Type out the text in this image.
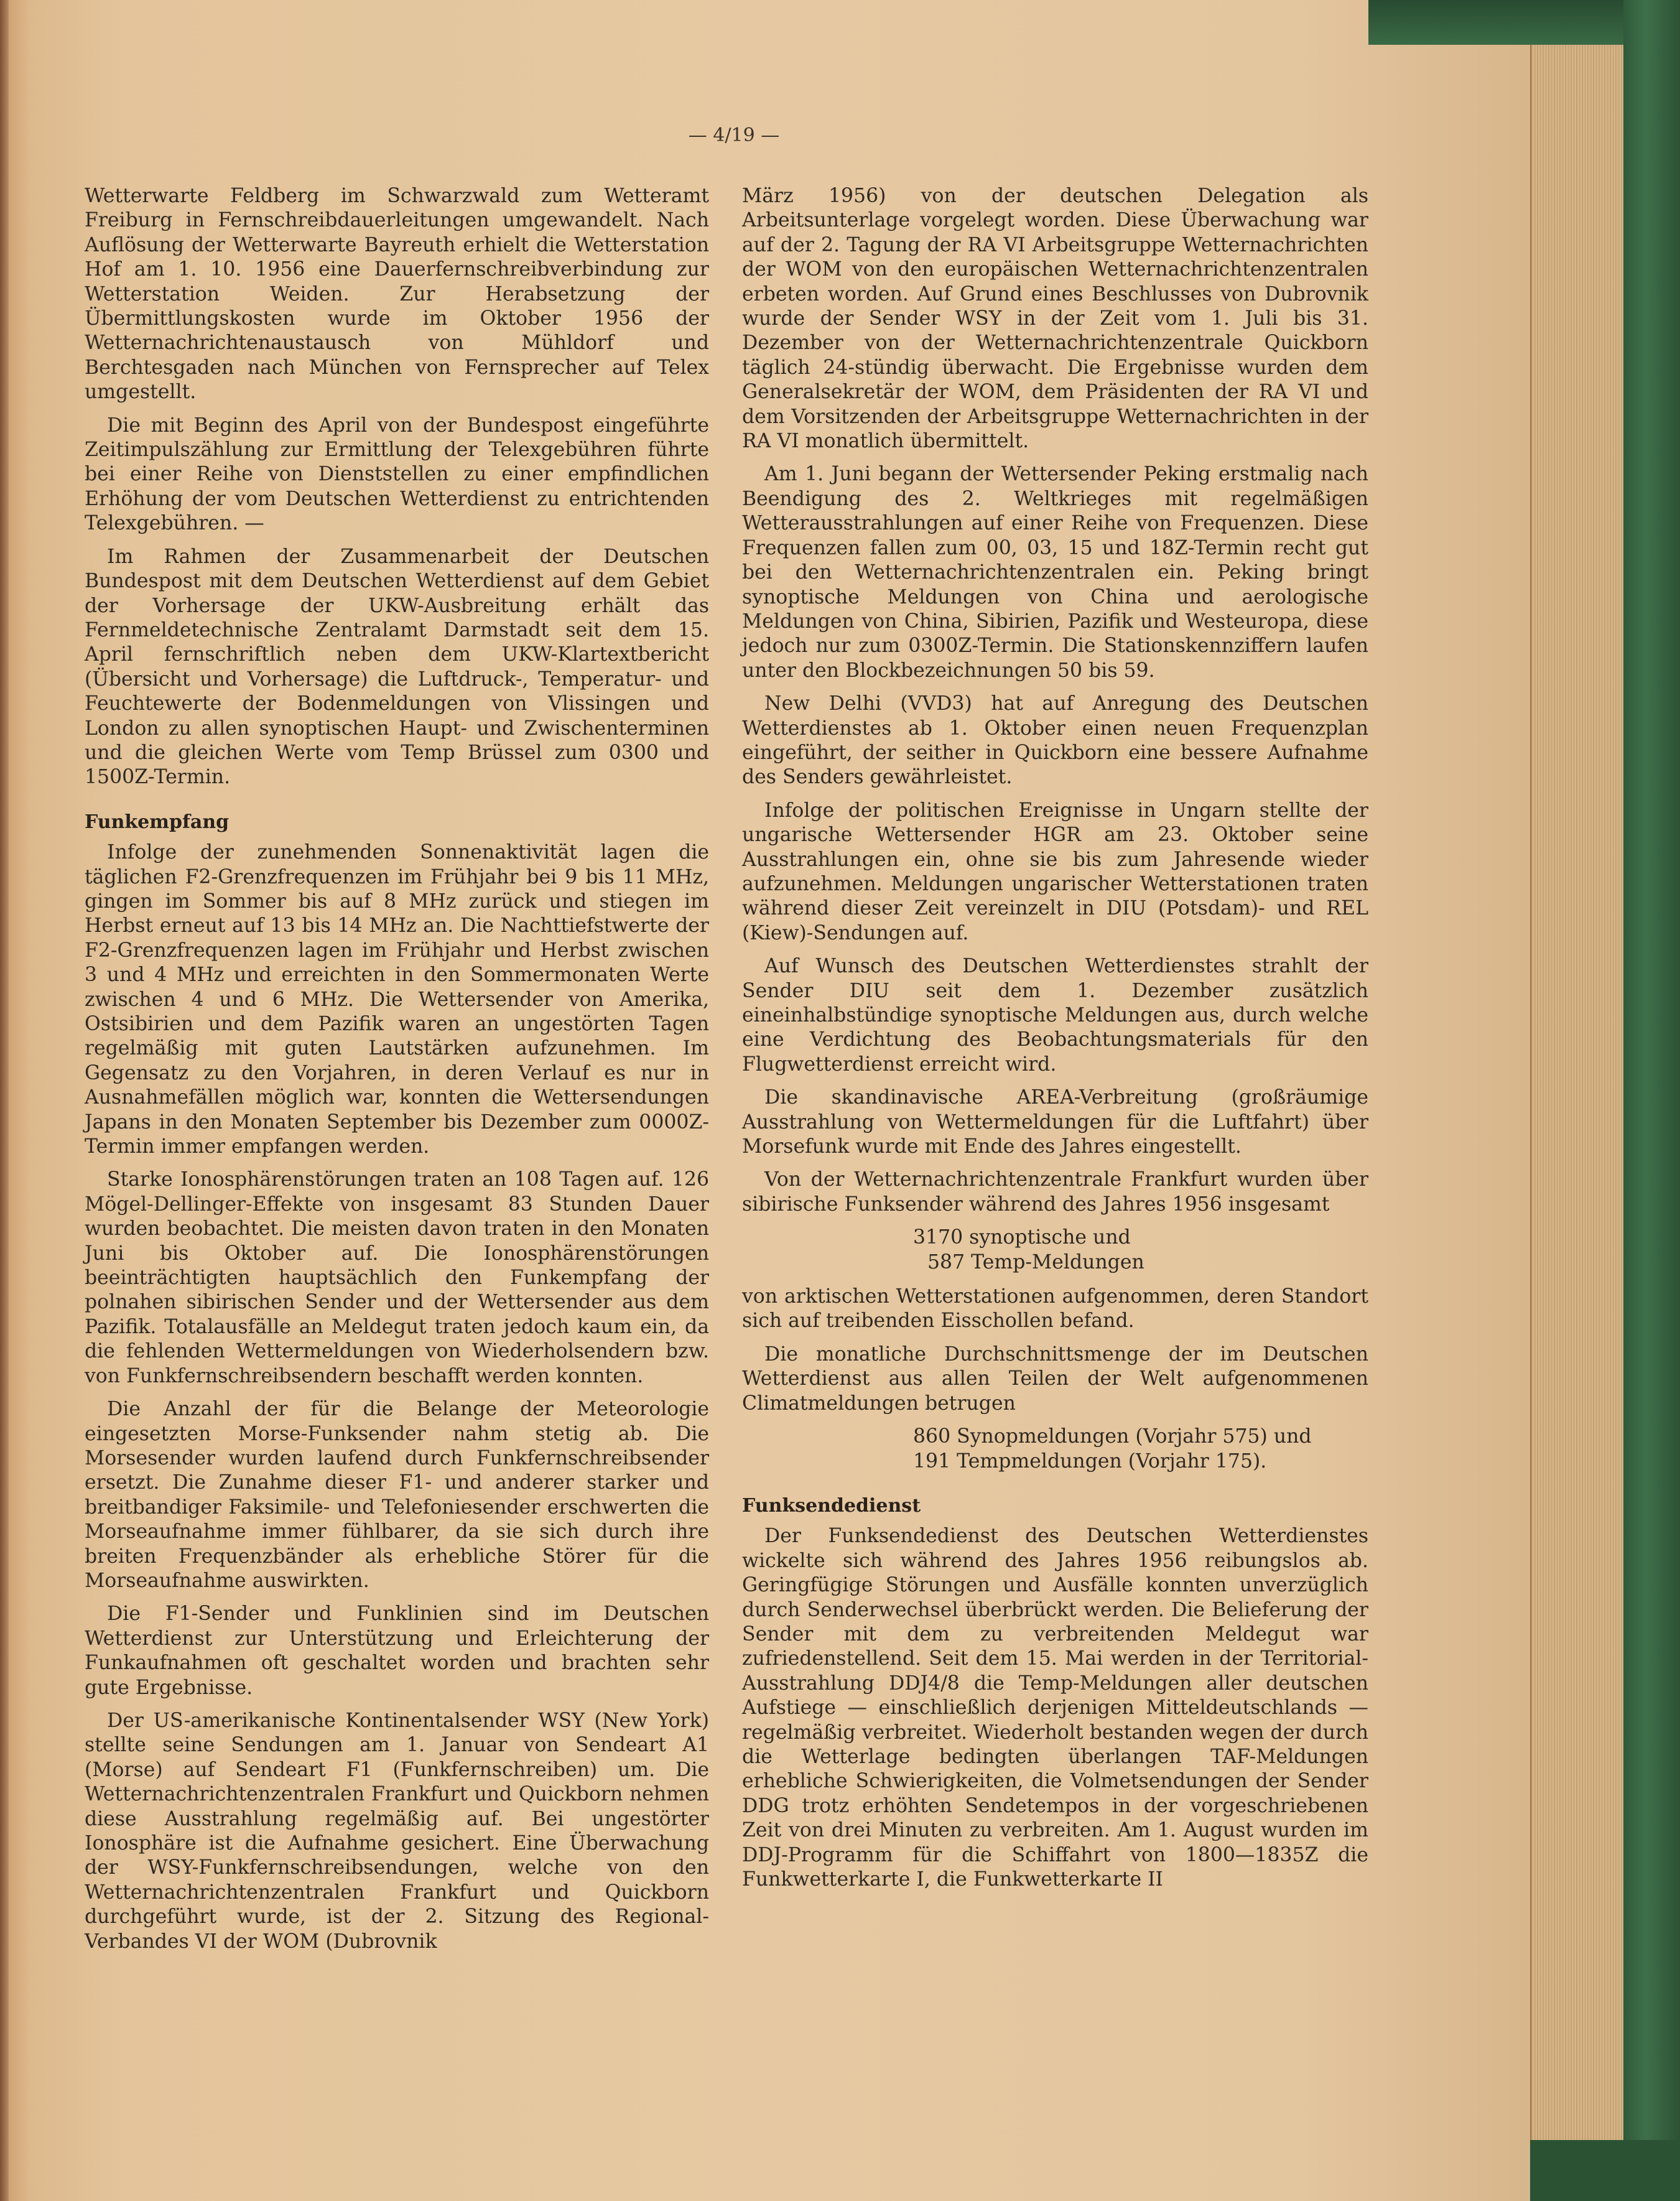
— 4/19 —

Wetterwarte Feldberg im Schwarzwald zum Wetteramt Freiburg in Fernschreibdauerleitungen umgewandelt. Nach Auflösung der Wetterwarte Bayreuth erhielt die Wetterstation Hof am 1. 10. 1956 eine Dauerfernschreibverbindung zur Wetterstation Weiden. Zur Herabsetzung der Übermittlungskosten wurde im Oktober 1956 der Wetternachrichtenaustausch von Mühldorf und Berchtesgaden nach München von Fernsprecher auf Telex umgestellt.

Die mit Beginn des April von der Bundespost eingeführte Zeitimpulszählung zur Ermittlung der Telexgebühren führte bei einer Reihe von Dienststellen zu einer empfindlichen Erhöhung der vom Deutschen Wetterdienst zu entrichtenden Telexgebühren. —

Im Rahmen der Zusammenarbeit der Deutschen Bundespost mit dem Deutschen Wetterdienst auf dem Gebiet der Vorhersage der UKW-Ausbreitung erhält das Fernmeldetechnische Zentralamt Darmstadt seit dem 15. April fernschriftlich neben dem UKW-Klartextbericht (Übersicht und Vorhersage) die Luftdruck-, Temperatur- und Feuchtewerte der Bodenmeldungen von Vlissingen und London zu allen synoptischen Haupt- und Zwischenterminen und die gleichen Werte vom Temp Brüssel zum 0300 und 1500Z-Termin.

Funkempfang

Infolge der zunehmenden Sonnenaktivität lagen die täglichen F2-Grenzfrequenzen im Frühjahr bei 9 bis 11 MHz, gingen im Sommer bis auf 8 MHz zurück und stiegen im Herbst erneut auf 13 bis 14 MHz an. Die Nachttiefstwerte der F2-Grenzfrequenzen lagen im Frühjahr und Herbst zwischen 3 und 4 MHz und erreichten in den Sommermonaten Werte zwischen 4 und 6 MHz. Die Wettersender von Amerika, Ostsibirien und dem Pazifik waren an ungestörten Tagen regelmäßig mit guten Lautstärken aufzunehmen. Im Gegensatz zu den Vorjahren, in deren Verlauf es nur in Ausnahmefällen möglich war, konnten die Wettersendungen Japans in den Monaten September bis Dezember zum 0000Z-Termin immer empfangen werden.

Starke Ionosphärenstörungen traten an 108 Tagen auf. 126 Mögel-Dellinger-Effekte von insgesamt 83 Stunden Dauer wurden beobachtet. Die meisten davon traten in den Monaten Juni bis Oktober auf. Die Ionosphärenstörungen beeinträchtigten hauptsächlich den Funkempfang der polnahen sibirischen Sender und der Wettersender aus dem Pazifik. Totalausfälle an Meldegut traten jedoch kaum ein, da die fehlenden Wettermeldungen von Wiederholsendern bzw. von Funkfernschreibsendern beschafft werden konnten.

Die Anzahl der für die Belange der Meteorologie eingesetzten Morse-Funksender nahm stetig ab. Die Morsesender wurden laufend durch Funkfernschreibsender ersetzt. Die Zunahme dieser F1- und anderer starker und breitbandiger Faksimile- und Telefoniesender erschwerten die Morseaufnahme immer fühlbarer, da sie sich durch ihre breiten Frequenzbänder als erhebliche Störer für die Morseaufnahme auswirkten.

Die F1-Sender und Funklinien sind im Deutschen Wetterdienst zur Unterstützung und Erleichterung der Funkaufnahmen oft geschaltet worden und brachten sehr gute Ergebnisse.

Der US-amerikanische Kontinentalsender WSY (New York) stellte seine Sendungen am 1. Januar von Sendeart A1 (Morse) auf Sendeart F1 (Funkfernschreiben) um. Die Wetternachrichtenzentralen Frankfurt und Quickborn nehmen diese Ausstrahlung regelmäßig auf. Bei ungestörter Ionosphäre ist die Aufnahme gesichert. Eine Überwachung der WSY-Funkfernschreibsendungen, welche von den Wetternachrichtenzentralen Frankfurt und Quickborn durchgeführt wurde, ist der 2. Sitzung des Regional-Verbandes VI der WOM (Dubrovnik

März 1956) von der deutschen Delegation als Arbeitsunterlage vorgelegt worden. Diese Überwachung war auf der 2. Tagung der RA VI Arbeitsgruppe Wetternachrichten der WOM von den europäischen Wetternachrichtenzentralen erbeten worden. Auf Grund eines Beschlusses von Dubrovnik wurde der Sender WSY in der Zeit vom 1. Juli bis 31. Dezember von der Wetternachrichtenzentrale Quickborn täglich 24-stündig überwacht. Die Ergebnisse wurden dem Generalsekretär der WOM, dem Präsidenten der RA VI und dem Vorsitzenden der Arbeitsgruppe Wetternachrichten in der RA VI monatlich übermittelt.

Am 1. Juni begann der Wettersender Peking erstmalig nach Beendigung des 2. Weltkrieges mit regelmäßigen Wetterausstrahlungen auf einer Reihe von Frequenzen. Diese Frequenzen fallen zum 00, 03, 15 und 18Z-Termin recht gut bei den Wetternachrichtenzentralen ein. Peking bringt synoptische Meldungen von China und aerologische Meldungen von China, Sibirien, Pazifik und Westeuropa, diese jedoch nur zum 0300Z-Termin. Die Stationskennziffern laufen unter den Blockbezeichnungen 50 bis 59.

New Delhi (VVD3) hat auf Anregung des Deutschen Wetterdienstes ab 1. Oktober einen neuen Frequenzplan eingeführt, der seither in Quickborn eine bessere Aufnahme des Senders gewährleistet.

Infolge der politischen Ereignisse in Ungarn stellte der ungarische Wettersender HGR am 23. Oktober seine Ausstrahlungen ein, ohne sie bis zum Jahresende wieder aufzunehmen. Meldungen ungarischer Wetterstationen traten während dieser Zeit vereinzelt in DIU (Potsdam)- und REL (Kiew)-Sendungen auf.

Auf Wunsch des Deutschen Wetterdienstes strahlt der Sender DIU seit dem 1. Dezember zusätzlich eineinhalbstündige synoptische Meldungen aus, durch welche eine Verdichtung des Beobachtungsmaterials für den Flugwetterdienst erreicht wird.

Die skandinavische AREA-Verbreitung (großräumige Ausstrahlung von Wettermeldungen für die Luftfahrt) über Morsefunk wurde mit Ende des Jahres eingestellt.

Von der Wetternachrichtenzentrale Frankfurt wurden über sibirische Funksender während des Jahres 1956 insgesamt

3170 synoptische und
587 Temp-Meldungen

von arktischen Wetterstationen aufgenommen, deren Standort sich auf treibenden Eisschollen befand.

Die monatliche Durchschnittsmenge der im Deutschen Wetterdienst aus allen Teilen der Welt aufgenommenen Climatmeldungen betrugen

860 Synopmeldungen (Vorjahr 575) und
191 Tempmeldungen (Vorjahr 175).
Funksendedienst

Der Funksendedienst des Deutschen Wetterdienstes wickelte sich während des Jahres 1956 reibungslos ab. Geringfügige Störungen und Ausfälle konnten unverzüglich durch Senderwechsel überbrückt werden. Die Belieferung der Sender mit dem zu verbreitenden Meldegut war zufriedenstellend. Seit dem 15. Mai werden in der Territorial-Ausstrahlung DDJ4/8 die Temp-Meldungen aller deutschen Aufstiege — einschließlich derjenigen Mitteldeutschlands — regelmäßig verbreitet. Wiederholt bestanden wegen der durch die Wetterlage bedingten überlangen TAF-Meldungen erhebliche Schwierigkeiten, die Volmetsendungen der Sender DDG trotz erhöhten Sendetempos in der vorgeschriebenen Zeit von drei Minuten zu verbreiten. Am 1. August wurden im DDJ-Programm für die Schiffahrt von 1800—1835Z die Funkwetterkarte I, die Funkwetterkarte II
